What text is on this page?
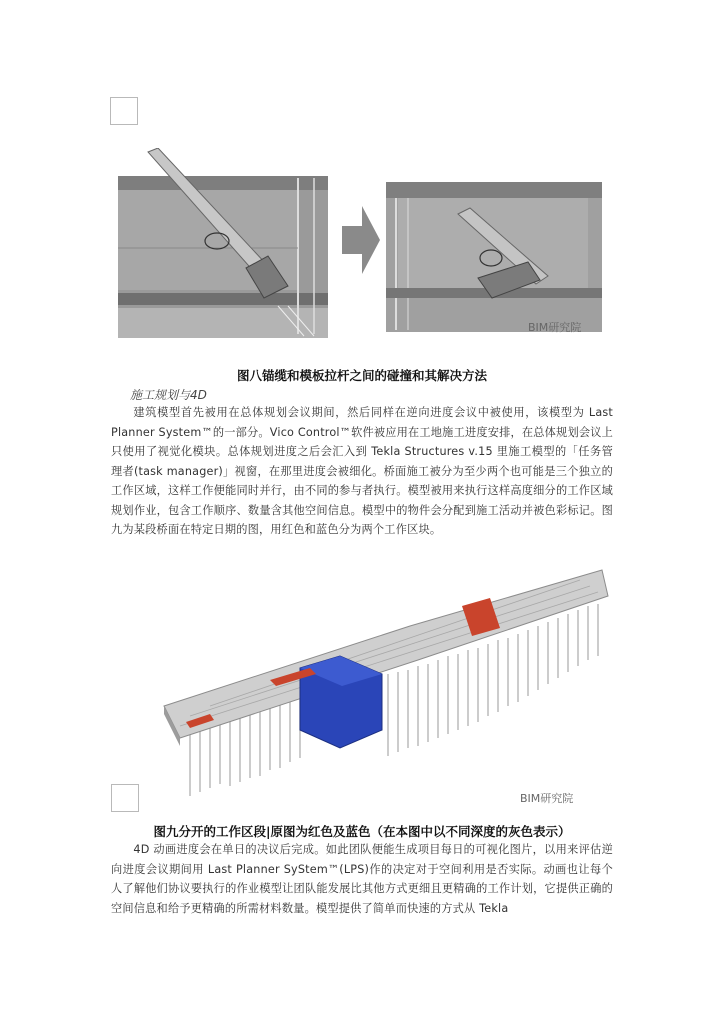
BIM研究院
图八锚缆和模板拉杆之间的碰撞和其解决方法
施工规划与4D
建筑模型首先被用在总体规划会议期间，然后同样在逆向进度会议中被使用，该模型为 Last Planner System™的一部分。Vico Control™软件被应用在工地施工进度安排，在总体规划会议上只使用了视觉化模块。总体规划进度之后会汇入到 Tekla Structures v.15 里施工模型的「任务管理者(task manager)」视窗，在那里进度会被细化。桥面施工被分为至少两个也可能是三个独立的工作区域，这样工作便能同时并行，由不同的参与者执行。模型被用来执行这样高度细分的工作区域规划作业，包含工作顺序、数量含其他空间信息。模型中的物件会分配到施工活动并被色彩标记。图九为某段桥面在特定日期的图，用红色和蓝色分为两个工作区块。
BIM研究院
图九分开的工作区段|原图为红色及蓝色（在本图中以不同深度的灰色表示）
4D 动画进度会在单日的决议后完成。如此团队便能生成项目每日的可视化图片，以用来评估逆向进度会议期间用 Last Planner SyStem™(LPS)作的决定对于空间利用是否实际。动画也让每个人了解他们协议要执行的作业模型让团队能发展比其他方式更细且更精确的工作计划，它提供正确的空间信息和给予更精确的所需材料数量。模型提供了简单而快速的方式从 Tekla
